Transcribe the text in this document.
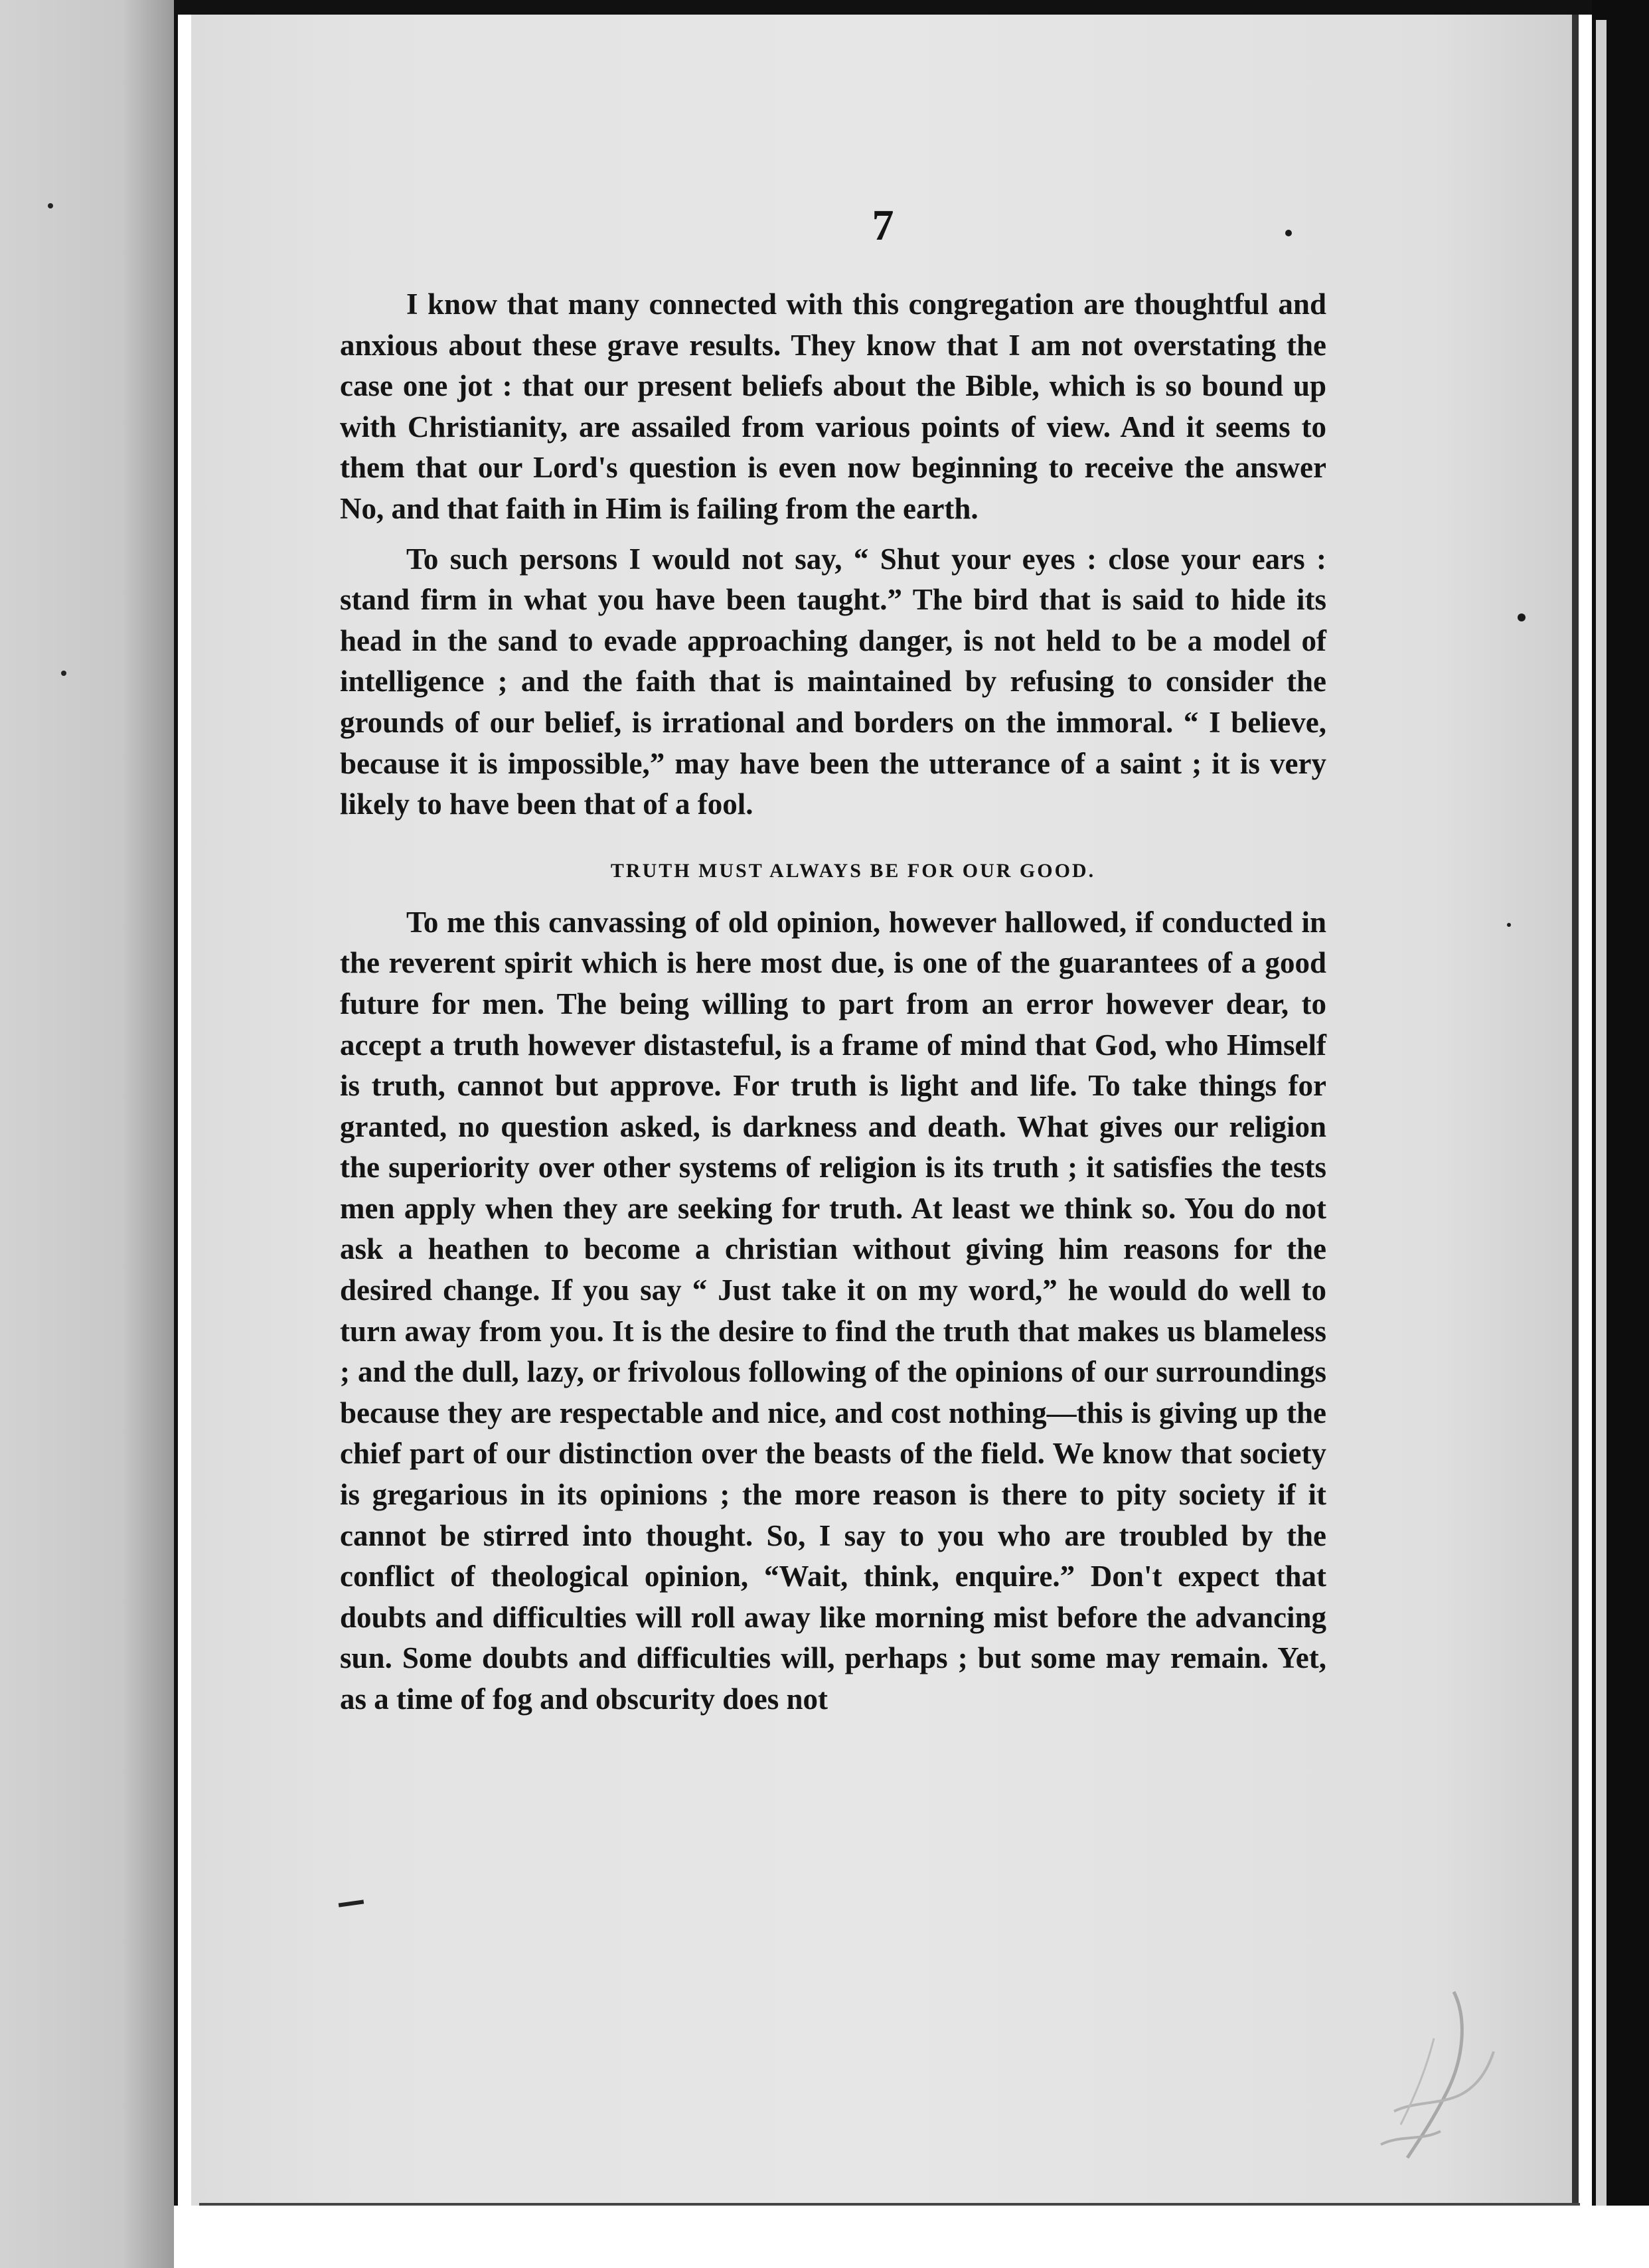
7

I know that many connected with this congregation are thoughtful and anxious about these grave results. They know that I am not overstating the case one jot : that our present beliefs about the Bible, which is so bound up with Christianity, are assailed from various points of view. And it seems to them that our Lord's question is even now beginning to receive the answer No, and that faith in Him is failing from the earth.

To such persons I would not say, “ Shut your eyes : close your ears : stand firm in what you have been taught.” The bird that is said to hide its head in the sand to evade approaching danger, is not held to be a model of intelligence ; and the faith that is maintained by refusing to consider the grounds of our belief, is irrational and borders on the immoral. “ I believe, because it is impossible,” may have been the utterance of a saint ; it is very likely to have been that of a fool.

TRUTH MUST ALWAYS BE FOR OUR GOOD.

To me this canvassing of old opinion, however hallowed, if conducted in the reverent spirit which is here most due, is one of the guarantees of a good future for men. The being willing to part from an error however dear, to accept a truth however distasteful, is a frame of mind that God, who Himself is truth, cannot but approve. For truth is light and life. To take things for granted, no question asked, is darkness and death. What gives our religion the superiority over other systems of religion is its truth ; it satisfies the tests men apply when they are seeking for truth. At least we think so. You do not ask a heathen to become a christian without giving him reasons for the desired change. If you say “ Just take it on my word,” he would do well to turn away from you. It is the desire to find the truth that makes us blameless ; and the dull, lazy, or frivolous following of the opinions of our surroundings because they are respectable and nice, and cost nothing—this is giving up the chief part of our distinction over the beasts of the field. We know that society is gregarious in its opinions ; the more reason is there to pity society if it cannot be stirred into thought. So, I say to you who are troubled by the conflict of theological opinion, “Wait, think, enquire.” Don't expect that doubts and difficulties will roll away like morning mist before the advancing sun. Some doubts and difficulties will, perhaps ; but some may remain. Yet, as a time of fog and obscurity does not
